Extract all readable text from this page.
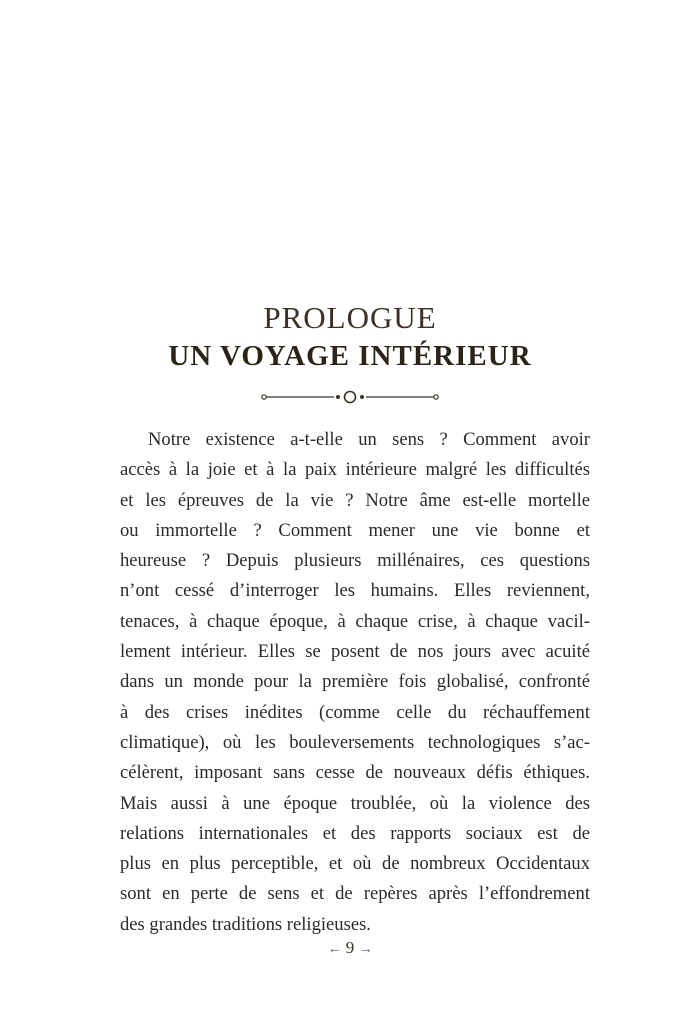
PROLOGUE
UN VOYAGE INTÉRIEUR
Notre existence a-t-elle un sens ? Comment avoir
accès à la joie et à la paix intérieure malgré les difficultés
et les épreuves de la vie ? Notre âme est-elle mortelle
ou immortelle ? Comment mener une vie bonne et
heureuse ? Depuis plusieurs millénaires, ces questions
n’ont cessé d’interroger les humains. Elles reviennent,
tenaces, à chaque époque, à chaque crise, à chaque vacil-
lement intérieur. Elles se posent de nos jours avec acuité
dans un monde pour la première fois globalisé, confronté
à des crises inédites (comme celle du réchauffement
climatique), où les bouleversements technologiques s’ac-
célèrent, imposant sans cesse de nouveaux défis éthiques.
Mais aussi à une époque troublée, où la violence des
relations internationales et des rapports sociaux est de
plus en plus perceptible, et où de nombreux Occidentaux
sont en perte de sens et de repères après l’effondrement
des grandes traditions religieuses.
← 9 →
